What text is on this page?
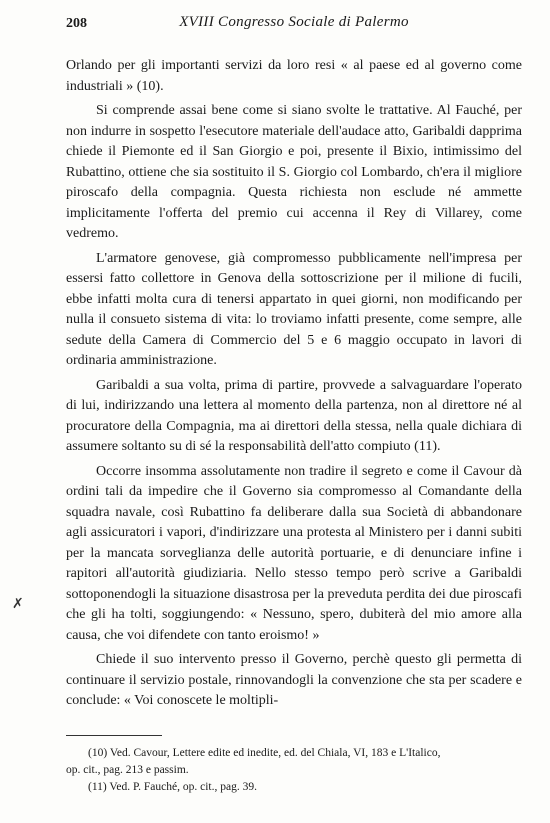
208	XVIII Congresso Sociale di Palermo

Orlando per gli importanti servizi da loro resi « al paese ed al governo come industriali » (10).

Si comprende assai bene come si siano svolte le trattative. Al Fauché, per non indurre in sospetto l'esecutore materiale dell'audace atto, Garibaldi dapprima chiede il Piemonte ed il San Giorgio e poi, presente il Bixio, intimissimo del Rubattino, ottiene che sia sostituito il S. Giorgio col Lombardo, ch'era il migliore piroscafo della compagnia. Questa richiesta non esclude né ammette implicitamente l'offerta del premio cui accenna il Rey di Villarey, come vedremo.

L'armatore genovese, già compromesso pubblicamente nell'impresa per essersi fatto collettore in Genova della sottoscrizione per il milione di fucili, ebbe infatti molta cura di tenersi appartato in quei giorni, non modificando per nulla il consueto sistema di vita: lo troviamo infatti presente, come sempre, alle sedute della Camera di Commercio del 5 e 6 maggio occupato in lavori di ordinaria amministrazione.

Garibaldi a sua volta, prima di partire, provvede a salvaguardare l'operato di lui, indirizzando una lettera al momento della partenza, non al direttore né al procuratore della Compagnia, ma ai direttori della stessa, nella quale dichiara di assumere soltanto su di sé la responsabilità dell'atto compiuto (11).

Occorre insomma assolutamente non tradire il segreto e come il Cavour dà ordini tali da impedire che il Governo sia compromesso al Comandante della squadra navale, così Rubattino fa deliberare dalla sua Società di abbandonare agli assicuratori i vapori, d'indirizzare una protesta al Ministero per i danni subiti per la mancata sorveglianza delle autorità portuarie, e di denunciare infine i rapitori all'autorità giudiziaria. Nello stesso tempo però scrive a Garibaldi sottoponendogli la situazione disastrosa per la preveduta perdita dei due piroscafi che gli ha tolti, soggiungendo: « Nessuno, spero, dubiterà del mio amore alla causa, che voi difendete con tanto eroismo! »

Chiede il suo intervento presso il Governo, perchè questo gli permetta di continuare il servizio postale, rinnovandogli la convenzione che sta per scadere e conclude: « Voi conoscete le moltipli-

✗

(10) Ved. Cavour, Lettere edite ed inedite, ed. del Chiala, VI, 183 e L'Italico,

op. cit., pag. 213 e passim.

(11) Ved. P. Fauché, op. cit., pag. 39.
